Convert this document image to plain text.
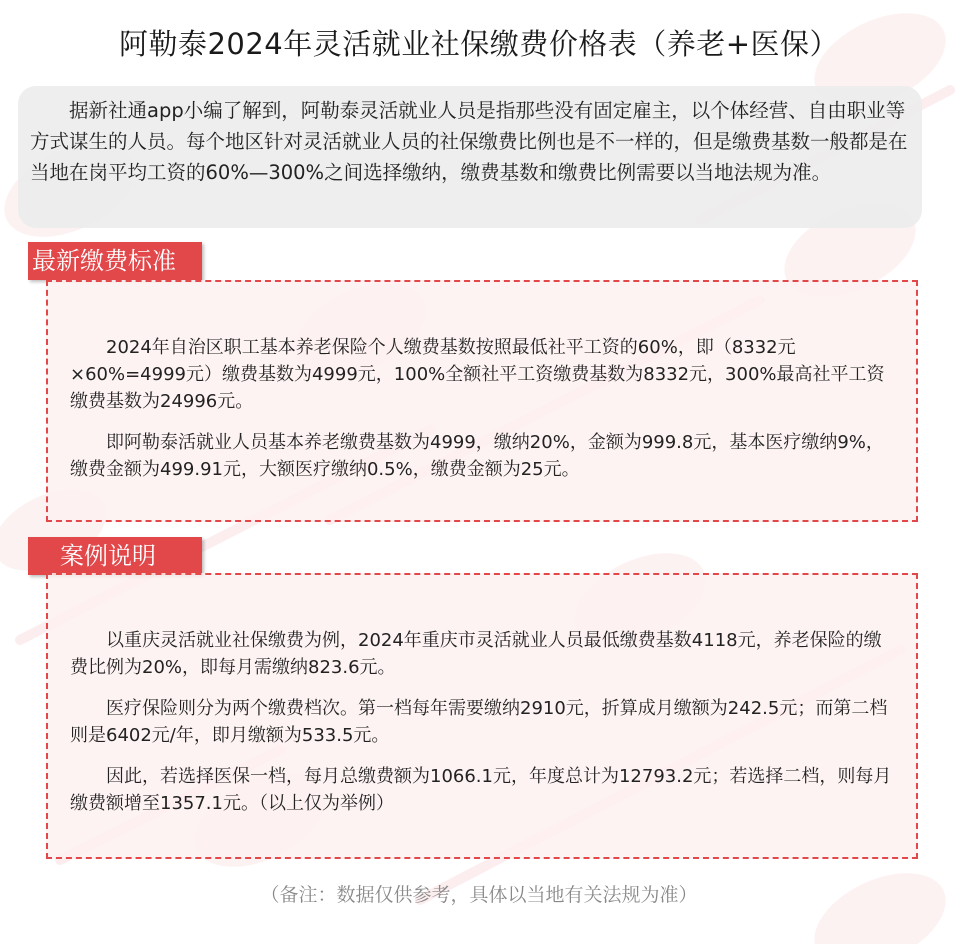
阿勒泰2024年灵活就业社保缴费价格表（养老+医保）
据新社通app小编了解到，阿勒泰灵活就业人员是指那些没有固定雇主，以个体经营、自由职业等方式谋生的人员。每个地区针对灵活就业人员的社保缴费比例也是不一样的，但是缴费基数一般都是在当地在岗平均工资的60%—300%之间选择缴纳，缴费基数和缴费比例需要以当地法规为准。
最新缴费标准

2024年自治区职工基本养老保险个人缴费基数按照最低社平工资的60%，即（8332元×60%=4999元）缴费基数为4999元，100%全额社平工资缴费基数为8332元，300%最高社平工资缴费基数为24996元。

即阿勒泰活就业人员基本养老缴费基数为4999，缴纳20%，金额为999.8元，基本医疗缴纳9%，缴费金额为499.91元，大额医疗缴纳0.5%，缴费金额为25元。

案例说明

以重庆灵活就业社保缴费为例，2024年重庆市灵活就业人员最低缴费基数4118元，养老保险的缴费比例为20%，即每月需缴纳823.6元。

医疗保险则分为两个缴费档次。第一档每年需要缴纳2910元，折算成月缴额为242.5元；而第二档则是6402元/年，即月缴额为533.5元。

因此，若选择医保一档，每月总缴费额为1066.1元，年度总计为12793.2元；若选择二档，则每月缴费额增至1357.1元。（以上仅为举例）

（备注：数据仅供参考，具体以当地有关法规为准）
